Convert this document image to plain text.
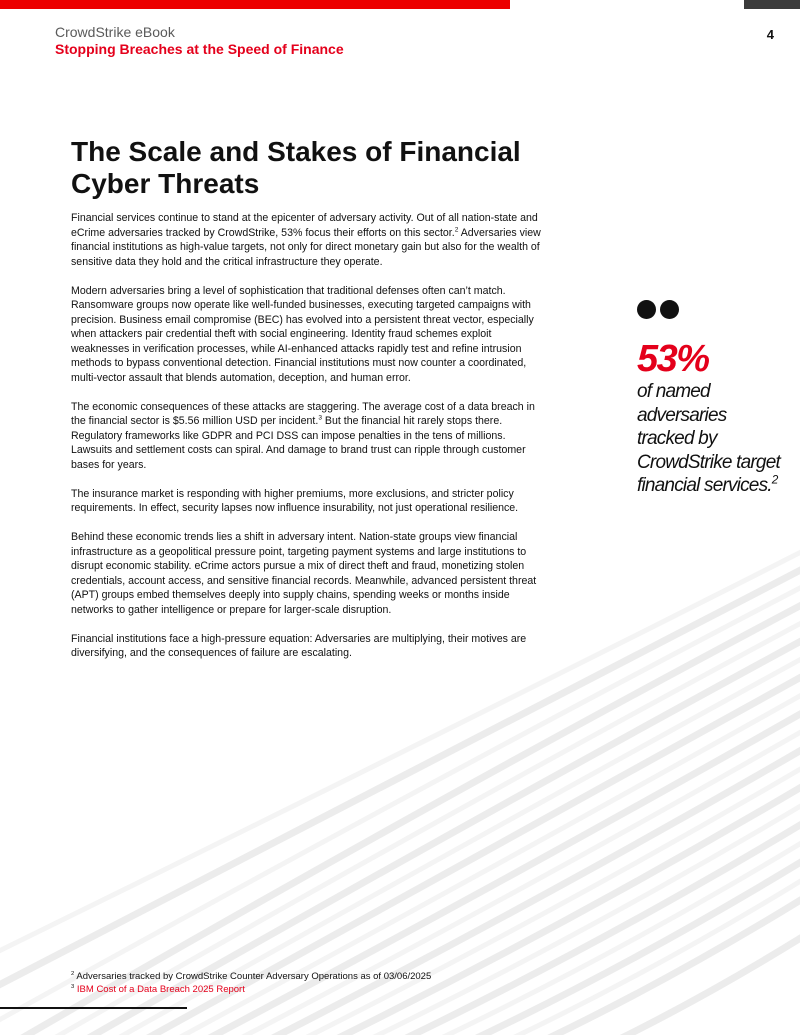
CrowdStrike eBook

Stopping Breaches at the Speed of Finance

4
The Scale and Stakes of Financial Cyber Threats

Financial services continue to stand at the epicenter of adversary activity. Out of all nation-state and eCrime adversaries tracked by CrowdStrike, 53% focus their efforts on this sector.$^2$ Adversaries view financial institutions as high-value targets, not only for direct monetary gain but also for the wealth of sensitive data they hold and the critical infrastructure they operate.

Modern adversaries bring a level of sophistication that traditional defenses often can’t match. Ransomware groups now operate like well-funded businesses, executing targeted campaigns with precision. Business email compromise (BEC) has evolved into a persistent threat vector, especially when attackers pair credential theft with social engineering. Identity fraud schemes exploit weaknesses in verification processes, while AI-enhanced attacks rapidly test and refine intrusion methods to bypass conventional detection. Financial institutions must now counter a coordinated, multi-vector assault that blends automation, deception, and human error.

The economic consequences of these attacks are staggering. The average cost of a data breach in the financial sector is $5.56 million USD per incident.$^3$ But the financial hit rarely stops there. Regulatory frameworks like GDPR and PCI DSS can impose penalties in the tens of millions. Lawsuits and settlement costs can spiral. And damage to brand trust can ripple through customer bases for years.

The insurance market is responding with higher premiums, more exclusions, and stricter policy requirements. In effect, security lapses now influence insurability, not just operational resilience.

Behind these economic trends lies a shift in adversary intent. Nation-state groups view financial infrastructure as a geopolitical pressure point, targeting payment systems and large institutions to disrupt economic stability. eCrime actors pursue a mix of direct theft and fraud, monetizing stolen credentials, account access, and sensitive financial records. Meanwhile, advanced persistent threat (APT) groups embed themselves deeply into supply chains, spending weeks or months inside networks to gather intelligence or prepare for larger-scale disruption.

Financial institutions face a high-pressure equation: Adversaries are multiplying, their motives are diversifying, and the consequences of failure are escalating.

53%

of named adversaries tracked by CrowdStrike target financial services.$^2$

$^2$ Adversaries tracked by CrowdStrike Counter Adversary Operations as of 03/06/2025
$^3$ IBM Cost of a Data Breach 2025 Report
